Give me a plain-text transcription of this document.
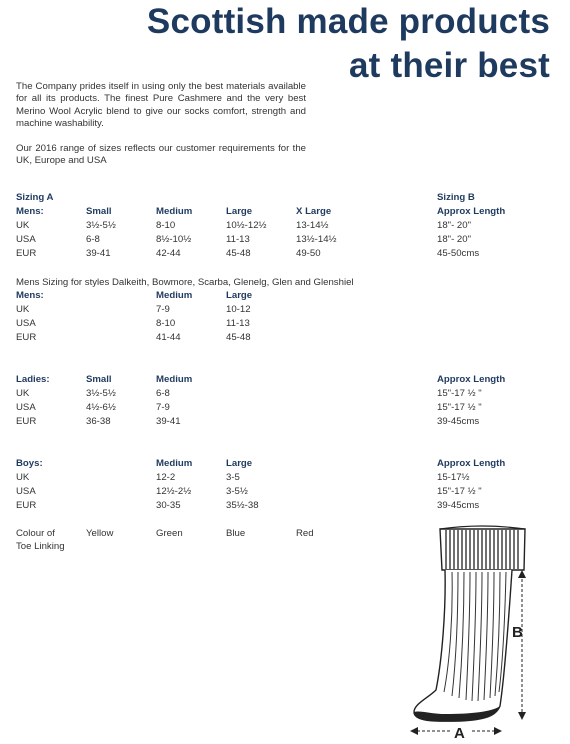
Scottish made products
at their best

The Company prides itself in using only the best materials available for all its products. The finest Pure Cashmere and the very best Merino Wool Acrylic blend to give our socks comfort, strength and machine washability.

Our 2016 range of sizes reflects our customer requirements for the UK, Europe and USA

Sizing A	Sizing B
Mens:	Small	Medium	Large	X Large	Approx Length
UK	3½-5½	8-10	10½-12½	13-14½	18"- 20"
USA	6-8	8½-10½	11-13	13½-14½	18"- 20"
EUR	39-41	42-44	45-48	49-50	45-50cms
Mens Sizing for styles Dalkeith, Bowmore, Scarba, Glenelg, Glen and Glenshiel
Mens:	Medium	Large
UK	7-9	10-12
USA	8-10	11-13
EUR	41-44	45-48
Ladies:	Small	Medium	Approx Length
UK	3½-5½	6-8	15"-17 ½ "
USA	4½-6½	7-9	15"-17 ½ "
EUR	36-38	39-41	39-45cms
Boys:	Medium	Large	Approx Length
UK	12-2	3-5	15-17½
USA	12½-2½	3-5½	15"-17 ½ "
EUR	30-35	35½-38	39-45cms
Colour of	Yellow	Green	Blue	Red
Toe Linking
B
A
